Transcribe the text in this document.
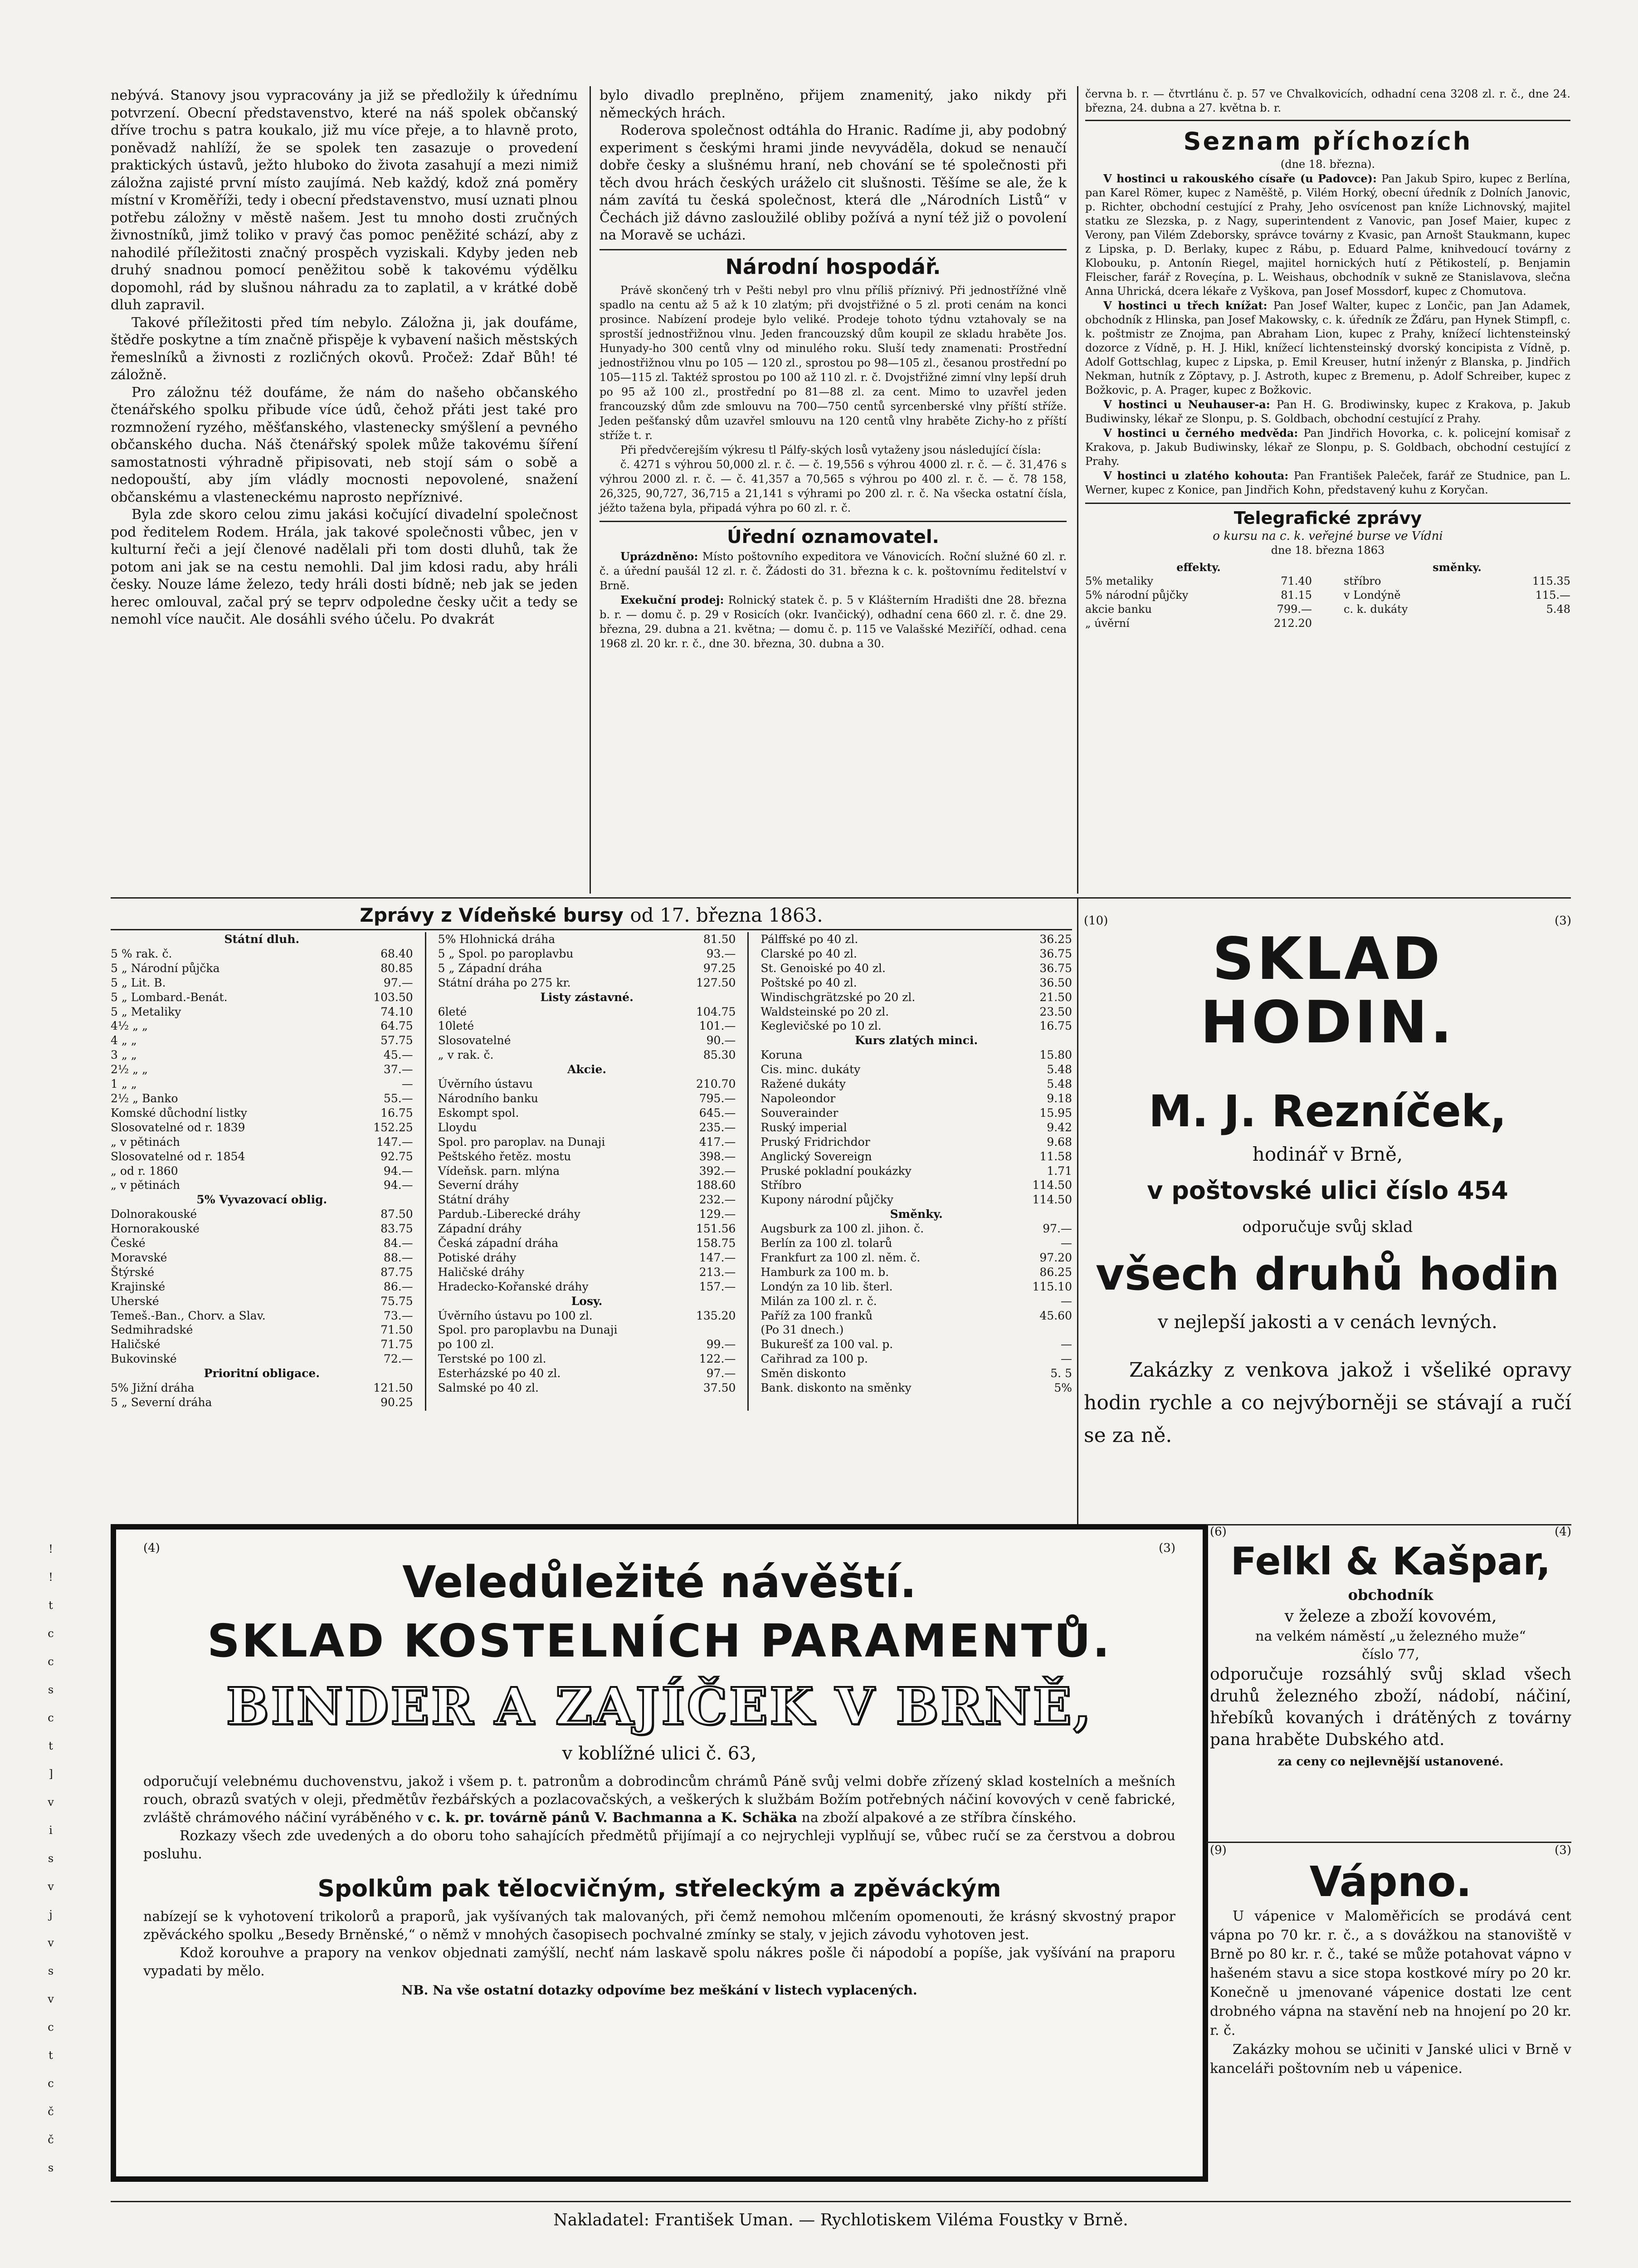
nebývá. Stanovy jsou vypracovány ja již se předložily k úřednímu potvrzení. Obecní představenstvo, které na náš spolek občanský dříve trochu s patra koukalo, již mu více přeje, a to hlavně proto, poněvadž nahlíží, že se spolek ten zasazuje o provedení praktických ústavů, ježto hluboko do života zasahují a mezi nimiž záložna zajisté první místo zaujímá. Neb každý, kdož zná poměry místní v Kroměříži, tedy i obecní představenstvo, musí uznati plnou potřebu záložny v městě našem. Jest tu mnoho dosti zručných živnostníků, jimž toliko v pravý čas pomoc peněžité schází, aby z nahodilé příležitosti značný prospěch vyziskali. Kdyby jeden neb druhý snadnou pomocí peněžitou sobě k takovému výdělku dopomohl, rád by slušnou náhradu za to zaplatil, a v krátké době dluh zapravil.

Takové příležitosti před tím nebylo. Záložna ji, jak doufáme, štědře poskytne a tím značně přispěje k vybavení našich městských řemeslníků a živnosti z rozličných okovů. Pročež: Zdař Bůh! té záložně.

Pro záložnu též doufáme, že nám do našeho občanského čtenářského spolku přibude více údů, čehož přáti jest také pro rozmnožení ryzého, měšťanského, vlastenecky smýšlení a pevného občanského ducha. Náš čtenářský spolek může takovému šíření samostatnosti výhradně připisovati, neb stojí sám o sobě a nedopouští, aby jím vládly mocnosti nepovolené, snažení občanskému a vlasteneckému naprosto nepříznivé.

Byla zde skoro celou zimu jakási kočující divadelní společnost pod ředitelem Rodem. Hrála, jak takové společnosti vůbec, jen v kulturní řeči a její členové nadělali při tom dosti dluhů, tak že potom ani jak se na cestu nemohli. Dal jim kdosi radu, aby hráli česky. Nouze láme železo, tedy hráli dosti bídně; neb jak se jeden herec omlouval, začal prý se teprv odpoledne česky učit a tedy se nemohl více naučit. Ale dosáhli svého účelu. Po dvakrát

bylo divadlo preplněno, přijem znamenitý, jako nikdy při německých hrách.

Roderova společnost odtáhla do Hranic. Radíme ji, aby podobný experiment s českými hrami jinde nevyváděla, dokud se nenaučí dobře česky a slušnému hraní, neb chování se té společnosti při těch dvou hrách českých uráželo cit slušnosti. Těšíme se ale, že k nám zavítá tu česká společnost, která dle „Národních Listů“ v Čechách již dávno zasloužilé obliby požívá a nyní též již o povolení na Moravě se ucházi.

Národní hospodář.

Právě skončený trh v Pešti nebyl pro vlnu příliš příznivý. Při jednostřížné vlně spadlo na centu až 5 až k 10 zlatým; při dvojstřižné o 5 zl. proti cenám na konci prosince. Nabízení prodeje bylo veliké. Prodeje tohoto týdnu vztahovaly se na sprostší jednostřižnou vlnu. Jeden francouzský dům koupil ze skladu hraběte Jos. Hunyady-ho 300 centů vlny od minulého roku. Sluší tedy znamenati: Prostřední jednostřižnou vlnu po 105 — 120 zl., sprostou po 98—105 zl., česanou prostřední po 105—115 zl. Taktéž sprostou po 100 až 110 zl. r. č. Dvojstřižné zimní vlny lepší druh po 95 až 100 zl., prostřední po 81—88 zl. za cent. Mimo to uzavřel jeden francouzský dům zde smlouvu na 700—750 centů syrcenberské vlny příští stříže. Jeden pešťanský dům uzavřel smlouvu na 120 centů vlny hraběte Zichy-ho z příští stříže t. r.

Při předvčerejším výkresu tl Pálfy-ských losů vytaženy jsou následující čísla:

č. 4271 s výhrou 50,000 zl. r. č. — č. 19,556 s výhrou 4000 zl. r. č. — č. 31,476 s výhrou 2000 zl. r. č. — č. 41,357 a 70,565 s výhrou po 400 zl. r. č. — č. 78 158, 26,325, 90,727, 36,715 a 21,141 s výhrami po 200 zl. r. č. Na všecka ostatní čísla, jéžto tažena byla, připadá výhra po 60 zl. r. č.

Úřední oznamovatel.

Uprázdněno: Místo poštovního expeditora ve Vánovicích. Roční služné 60 zl. r. č. a úřední paušál 12 zl. r. č. Žádosti do 31. března k c. k. poštovnímu ředitelství v Brně.

Exekuční prodej: Rolnický statek č. p. 5 v Klášterním Hradišti dne 28. března b. r. — domu č. p. 29 v Rosicích (okr. Ivančický), odhadní cena 660 zl. r. č. dne 29. března, 29. dubna a 21. května; — domu č. p. 115 ve Valašské Meziříčí, odhad. cena 1968 zl. 20 kr. r. č., dne 30. března, 30. dubna a 30.

června b. r. — čtvrtlánu č. p. 57 ve Chvalkovicích, odhadní cena 3208 zl. r. č., dne 24. března, 24. dubna a 27. května b. r.
Seznam příchozích
(dne 18. března).
V hostinci u rakouského císaře (u Padovce): Pan Jakub Spiro, kupec z Berlína, pan Karel Römer, kupec z Naměště, p. Vilém Horký, obecní úředník z Dolních Janovic, p. Richter, obchodní cestující z Prahy, Jeho osvícenost pan kníže Lichnovský, majitel statku ze Slezska, p. z Nagy, superintendent z Vanovic, pan Josef Maier, kupec z Verony, pan Vilém Zdeborsky, správce továrny z Kvasic, pan Arnošt Staukmann, kupec z Lipska, p. D. Berlaky, kupec z Rábu, p. Eduard Palme, knihvedoucí továrny z Klobouku, p. Antonín Riegel, majitel hornických hutí z Pětikostelí, p. Benjamin Fleischer, farář z Roveçína, p. L. Weishaus, obchodník v sukně ze Stanislavova, slečna Anna Uhrická, dcera lékaře z Vyškova, pan Josef Mossdorf, kupec z Chomutova.
V hostinci u třech knížat: Pan Josef Walter, kupec z Lončic, pan Jan Adamek, obchodník z Hlinska, pan Josef Makowsky, c. k. úředník ze Žďáru, pan Hynek Stimpfl, c. k. poštmistr ze Znojma, pan Abraham Lion, kupec z Prahy, knížecí lichtensteinský dozorce z Vídně, p. H. J. Hikl, knížecí lichtensteinský dvorský koncipista z Vídně, p. Adolf Gottschlag, kupec z Lipska, p. Emil Kreuser, hutní inženýr z Blanska, p. Jindřich Nekman, hutník z Zöptavy, p. J. Astroth, kupec z Bremenu, p. Adolf Schreiber, kupec z Božkovic, p. A. Prager, kupec z Božkovic.
V hostinci u Neuhauser-a: Pan H. G. Brodiwinsky, kupec z Krakova, p. Jakub Budiwinsky, lékař ze Slonpu, p. S. Goldbach, obchodní cestující z Prahy.
V hostinci u černého medvěda: Pan Jindřich Hovorka, c. k. policejní komisař z Krakova, p. Jakub Budiwinsky, lékař ze Slonpu, p. S. Goldbach, obchodní cestující z Prahy.
V hostinci u zlatého kohouta: Pan František Paleček, farář ze Studnice, pan L. Werner, kupec z Konice, pan Jindřich Kohn, představený kuhu z Koryčan.
Telegrafické zprávy
o kursu na c. k. veřejné burse ve Vídni
dne 18. března 1863
effekty.
5% metaliky	71.40
5% národní půjčky	81.15
akcie banku	799.—
„ úvěrní	212.20
směnky.
stříbro	115.35
v Londýně	115.—
c. k. dukáty	5.48
Zprávy z Vídeňské bursy od 17. března 1863.
Státní dluh.
5 % rak. č.	68.40
5 „ Národní půjčka	80.85
5 „ Lit. B.	97.—
5 „ Lombard.-Benát.	103.50
5 „ Metaliky	74.10
4½ „ „	64.75
4 „ „	57.75
3 „ „	45.—
2½ „ „	37.—
1 „ „	—
2½ „ Banko	55.—
Komské důchodní listky	16.75
Slosovatelné od r. 1839	152.25
„ v pětinách	147.—
Slosovatelné od r. 1854	92.75
„ od r. 1860	94.—
„ v pětinách	94.—
5% Vyvazovací oblig.
Dolnorakouské	87.50
Hornorakouské	83.75
České	84.—
Moravské	88.—
Štýrské	87.75
Krajinské	86.—
Uherské	75.75
Temeš.-Ban., Chorv. a Slav.	73.—
Sedmihradské	71.50
Haličské	71.75
Bukovinské	72.—
Prioritní obligace.
5% Jižní dráha	121.50
5 „ Severní dráha	90.25
5% Hlohnická dráha	81.50
5 „ Spol. po paroplavbu	93.—
5 „ Západní dráha	97.25
Státní dráha po 275 kr.	127.50
Listy zástavné.
6leté	104.75
10leté	101.—
Slosovatelné	90.—
„ v rak. č.	85.30
Akcie.
Úvěrního ústavu	210.70
Národního banku	795.—
Eskompt spol.	645.—
Lloydu	235.—
Spol. pro paroplav. na Dunaji	417.—
Peštského řetěz. mostu	398.—
Vídeňsk. parn. mlýna	392.—
Severní dráhy	188.60
Státní dráhy	232.—
Pardub.-Liberecké dráhy	129.—
Západní dráhy	151.56
Česká západní dráha	158.75
Potiské dráhy	147.—
Haličské dráhy	213.—
Hradecko-Kořanské dráhy	157.—
Losy.
Úvěrního ústavu po 100 zl.	135.20
Spol. pro paroplavbu na Dunaji
po 100 zl.	99.—
Terstské po 100 zl.	122.—
Esterházské po 40 zl.	97.—
Salmské po 40 zl.	37.50
Pálffské po 40 zl.	36.25
Clarské po 40 zl.	36.75
St. Genoiské po 40 zl.	36.75
Poštské po 40 zl.	36.50
Windischgrätzské po 20 zl.	21.50
Waldsteinské po 20 zl.	23.50
Keglevičské po 10 zl.	16.75
Kurs zlatých minci.
Koruna	15.80
Cis. minc. dukáty	5.48
Ražené dukáty	5.48
Napoleondor	9.18
Souverainder	15.95
Ruský imperial	9.42
Pruský Fridrichdor	9.68
Anglický Sovereign	11.58
Pruské pokladní poukázky	1.71
Stříbro	114.50
Kupony národní půjčky	114.50
Směnky.
Augsburk za 100 zl. jihon. č.	97.—
Berlín za 100 zl. tolarů	—
Frankfurt za 100 zl. něm. č.	97.20
Hamburk za 100 m. b.	86.25
Londýn za 10 lib. šterl.	115.10
Milán za 100 zl. r. č.	—
Paříž za 100 franků	45.60
(Po 31 dnech.)
Bukurešť za 100 val. p.	—
Cařihrad za 100 p.	—
Směn diskonto	5. 5
Bank. diskonto na směnky	5%
(10)	(3)
SKLAD HODIN.
M. J. Rezníček,
hodinář v Brně,
v poštovské ulici číslo 454
odporučuje svůj sklad
všech druhů hodin
v nejlepší jakosti a v cenách levných.
Zakázky z venkova jakož i všeliké opravy hodin rychle a co nejvýborněji se stávají a ručí se za ně.
(4)	(3)
Veledůležité návěští.
SKLAD KOSTELNÍCH PARAMENTŮ.
BINDER A ZAJÍČEK V BRNĚ,
v koblížné ulici č. 63,
odporučují velebnému duchovenstvu, jakož i všem p. t. patronům a dobrodincům chrámů Páně svůj velmi dobře zřízený sklad kostelních a mešních rouch, obrazů svatých v oleji, předmětův řezbářských a pozlacovačských, a veškerých k službám Božím potřebných náčiní kovových v ceně fabrické, zvláště chrámového náčiní vyráběného v c. k. pr. továrně pánů V. Bachmanna a K. Schäka na zboží alpakové a ze stříbra čínského.
Rozkazy všech zde uvedených a do oboru toho sahajících předmětů přijímají a co nejrychleji vyplňují se, vůbec ručí se za čerstvou a dobrou posluhu.
Spolkům pak tělocvičným, střeleckým a zpěváckým
nabízejí se k vyhotovení trikolorů a praporů, jak vyšívaných tak malovaných, při čemž nemohou mlčením opomenouti, že krásný skvostný prapor zpěváckého spolku „Besedy Brněnské,“ o němž v mnohých časopisech pochvalné zmínky se staly, v jejich závodu vyhotoven jest.
Kdož korouhve a prapory na venkov objednati zamýšlí, nechť nám laskavě spolu nákres pošle či nápodobí a popíše, jak vyšívání na praporu vypadati by mělo.
NB. Na vše ostatní dotazky odpovíme bez meškání v listech vyplacených.
(6)	(4)
Felkl & Kašpar,
obchodník
v železe a zboží kovovém,
na velkém náměstí „u železného muže“
číslo 77,
odporučuje rozsáhlý svůj sklad všech druhů železného zboží, nádobí, náčiní, hřebíků kovaných i drátěných z továrny pana hraběte Dubského atd.
za ceny co nejlevnější ustanovené.
(9)	(3)
Vápno.
U vápenice v Maloměřicích se prodává cent vápna po 70 kr. r. č., a s dovážkou na stanoviště v Brně po 80 kr. r. č., také se může potahovat vápno v hašeném stavu a sice stopa kostkové míry po 20 kr. Konečně u jmenované vápenice dostati lze cent drobného vápna na stavění neb na hnojení po 20 kr. r. č.
Zakázky mohou se učiniti v Janské ulici v Brně v kanceláři poštovním neb u vápenice.
Nakladatel: František Uman. — Rychlotiskem Viléma Foustky v Brně.
!
!
t
c
c
s
c
t
]
v
i
s
v
j
v
s
v
c
t
c
č
č
s
